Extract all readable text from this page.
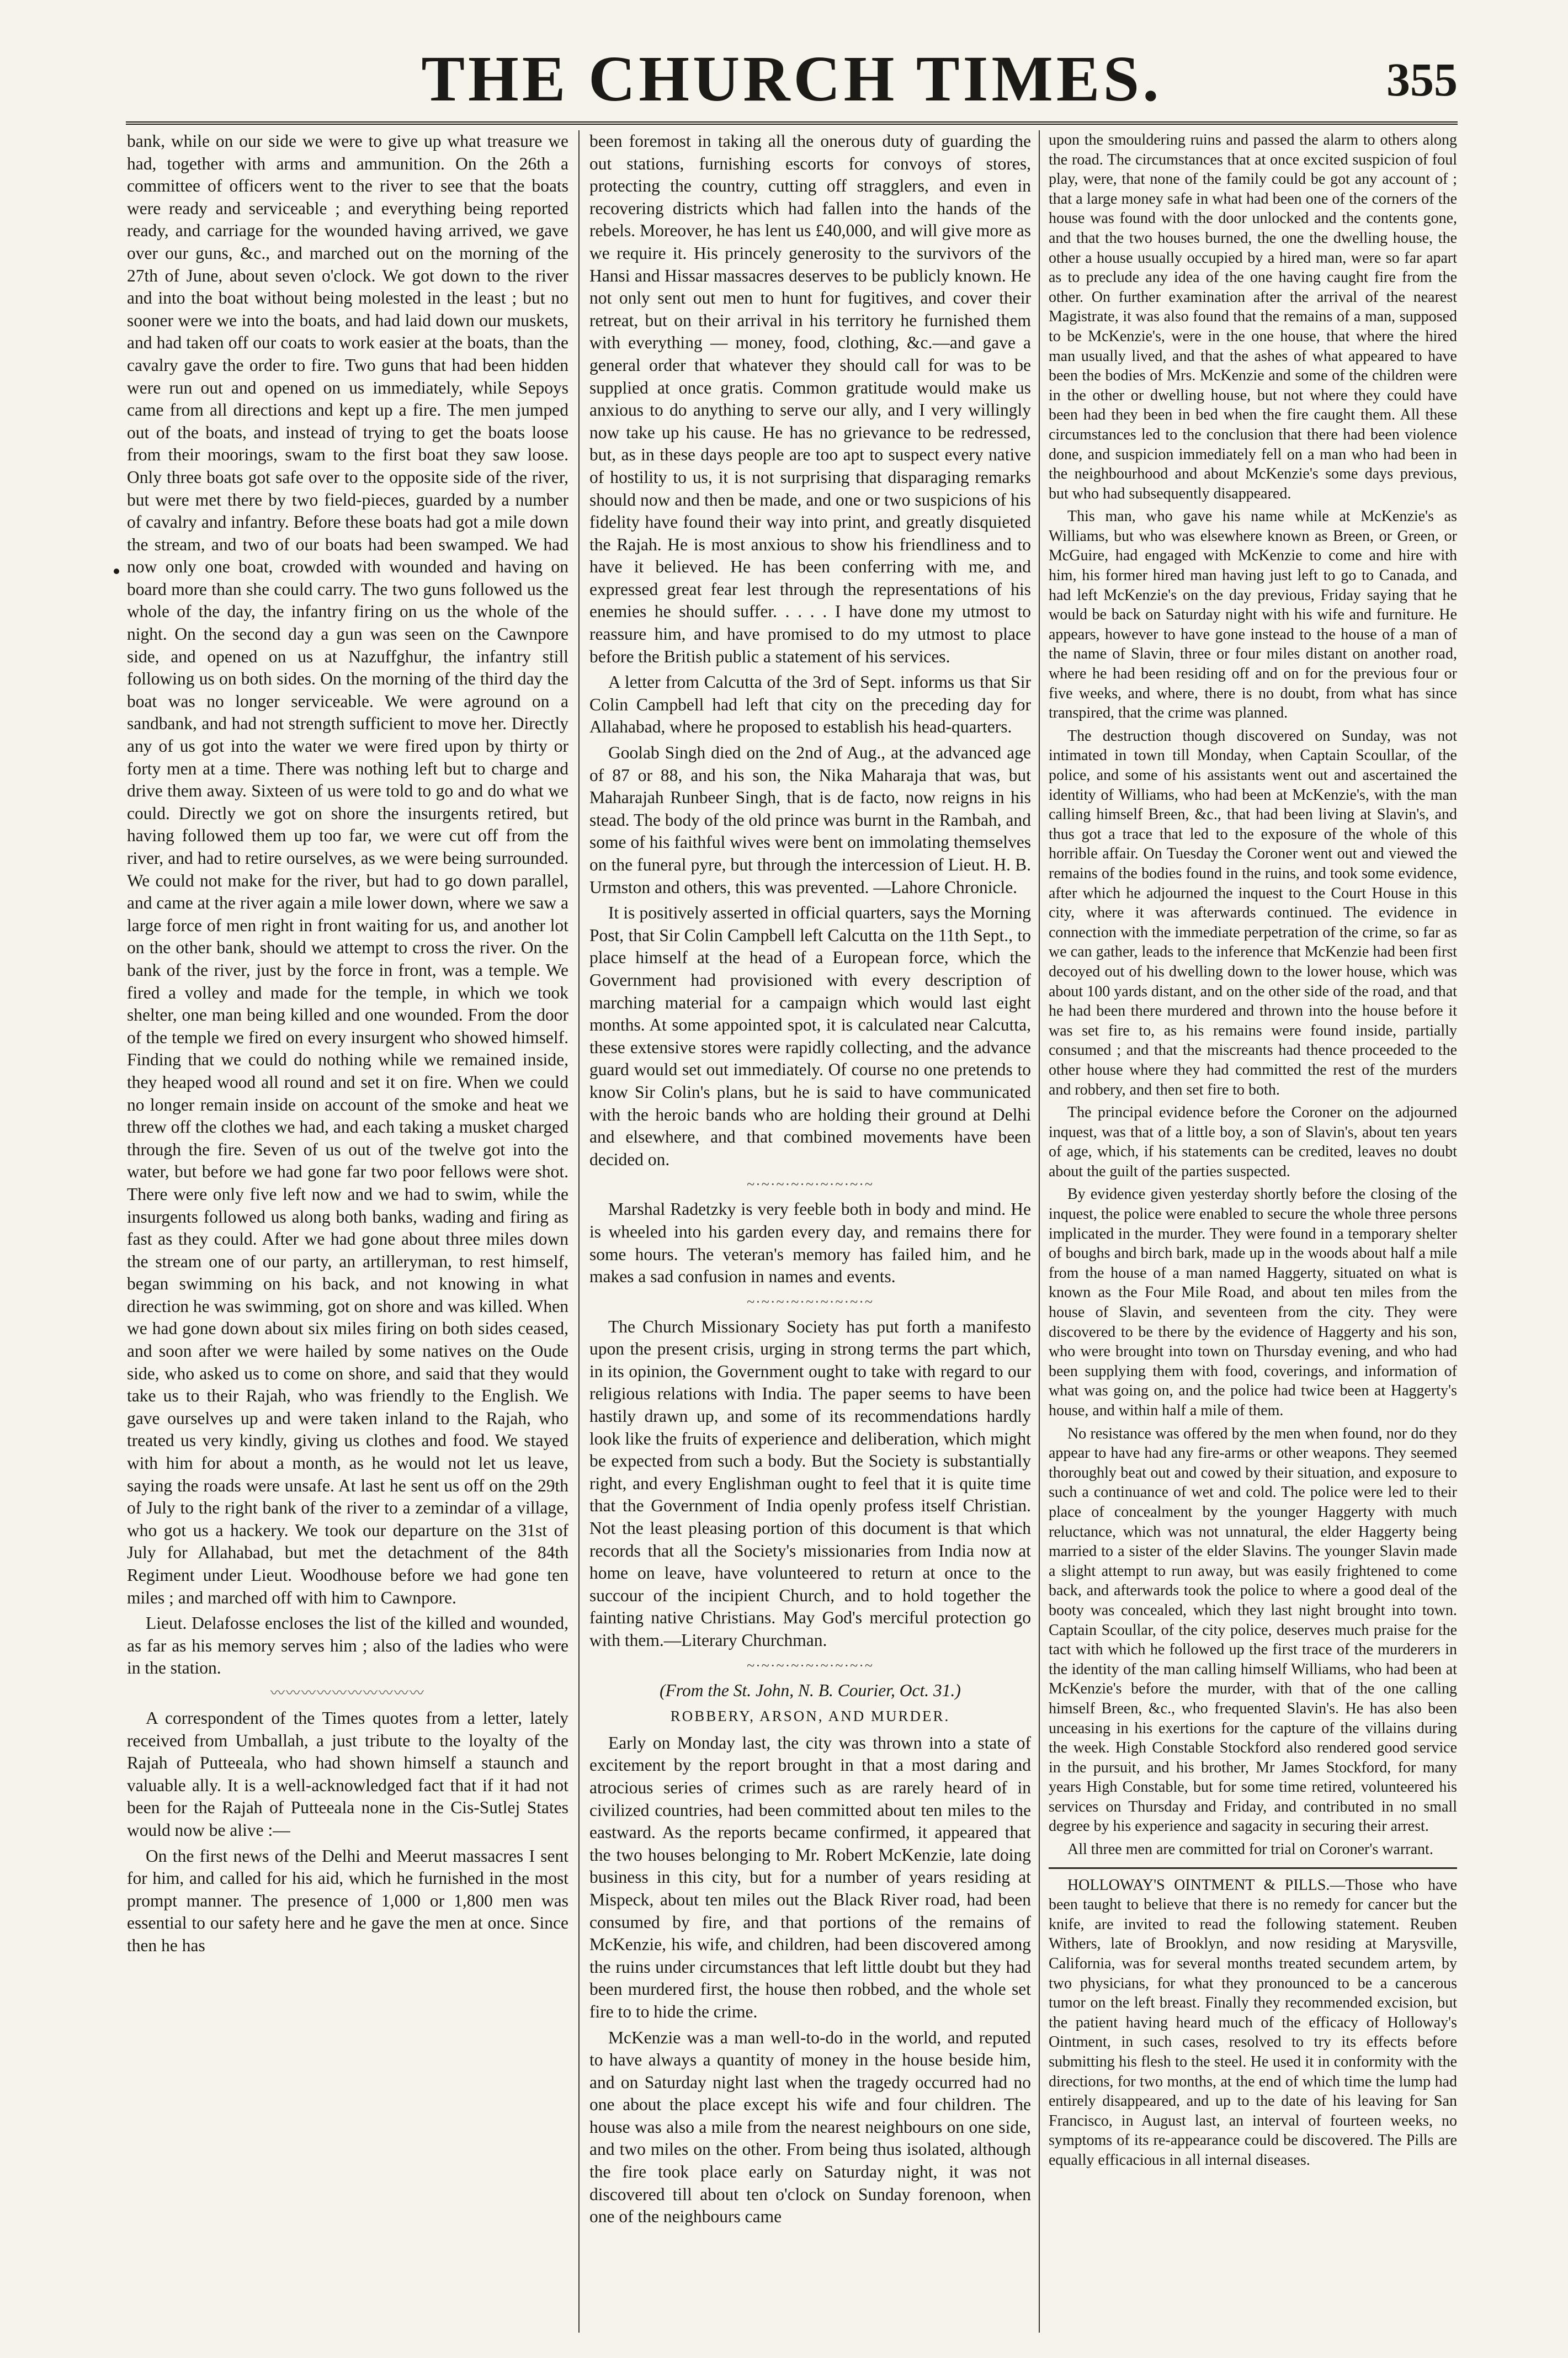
THE CHURCH TIMES.	355

bank, while on our side we were to give up what treasure we had, together with arms and ammunition. On the 26th a committee of officers went to the river to see that the boats were ready and serviceable ; and everything being reported ready, and carriage for the wounded having arrived, we gave over our guns, &c., and marched out on the morning of the 27th of June, about seven o'clock. We got down to the river and into the boat without being molested in the least ; but no sooner were we into the boats, and had laid down our muskets, and had taken off our coats to work easier at the boats, than the cavalry gave the order to fire. Two guns that had been hidden were run out and opened on us immediately, while Sepoys came from all directions and kept up a fire. The men jumped out of the boats, and instead of trying to get the boats loose from their moorings, swam to the first boat they saw loose. Only three boats got safe over to the opposite side of the river, but were met there by two field-pieces, guarded by a number of cavalry and infantry. Before these boats had got a mile down the stream, and two of our boats had been swamped. We had now only one boat, crowded with wounded and having on board more than she could carry. The two guns followed us the whole of the day, the infantry firing on us the whole of the night. On the second day a gun was seen on the Cawnpore side, and opened on us at Nazuffghur, the infantry still following us on both sides. On the morning of the third day the boat was no longer serviceable. We were aground on a sandbank, and had not strength sufficient to move her. Directly any of us got into the water we were fired upon by thirty or forty men at a time. There was nothing left but to charge and drive them away. Sixteen of us were told to go and do what we could. Directly we got on shore the insurgents retired, but having followed them up too far, we were cut off from the river, and had to retire ourselves, as we were being surrounded. We could not make for the river, but had to go down parallel, and came at the river again a mile lower down, where we saw a large force of men right in front waiting for us, and another lot on the other bank, should we attempt to cross the river. On the bank of the river, just by the force in front, was a temple. We fired a volley and made for the temple, in which we took shelter, one man being killed and one wounded. From the door of the temple we fired on every insurgent who showed himself. Finding that we could do nothing while we remained inside, they heaped wood all round and set it on fire. When we could no longer remain inside on account of the smoke and heat we threw off the clothes we had, and each taking a musket charged through the fire. Seven of us out of the twelve got into the water, but before we had gone far two poor fellows were shot. There were only five left now and we had to swim, while the insurgents followed us along both banks, wading and firing as fast as they could. After we had gone about three miles down the stream one of our party, an artilleryman, to rest himself, began swimming on his back, and not knowing in what direction he was swimming, got on shore and was killed. When we had gone down about six miles firing on both sides ceased, and soon after we were hailed by some natives on the Oude side, who asked us to come on shore, and said that they would take us to their Rajah, who was friendly to the English. We gave ourselves up and were taken inland to the Rajah, who treated us very kindly, giving us clothes and food. We stayed with him for about a month, as he would not let us leave, saying the roads were unsafe. At last he sent us off on the 29th of July to the right bank of the river to a zemindar of a village, who got us a hackery. We took our departure on the 31st of July for Allahabad, but met the detachment of the 84th Regiment under Lieut. Woodhouse before we had gone ten miles ; and marched off with him to Cawnpore.

Lieut. Delafosse encloses the list of the killed and wounded, as far as his memory serves him ; also of the ladies who were in the station.

〰〰〰〰〰〰〰〰〰〰

A correspondent of the Times quotes from a letter, lately received from Umballah, a just tribute to the loyalty of the Rajah of Putteeala, who had shown himself a staunch and valuable ally. It is a well-acknowledged fact that if it had not been for the Rajah of Putteeala none in the Cis-Sutlej States would now be alive :—

On the first news of the Delhi and Meerut massacres I sent for him, and called for his aid, which he furnished in the most prompt manner. The presence of 1,000 or 1,800 men was essential to our safety here and he gave the men at once. Since then he has

been foremost in taking all the onerous duty of guarding the out stations, furnishing escorts for convoys of stores, protecting the country, cutting off stragglers, and even in recovering districts which had fallen into the hands of the rebels. Moreover, he has lent us £40,000, and will give more as we require it. His princely generosity to the survivors of the Hansi and Hissar massacres deserves to be publicly known. He not only sent out men to hunt for fugitives, and cover their retreat, but on their arrival in his territory he furnished them with everything — money, food, clothing, &c.—and gave a general order that whatever they should call for was to be supplied at once gratis. Common gratitude would make us anxious to do anything to serve our ally, and I very willingly now take up his cause. He has no grievance to be redressed, but, as in these days people are too apt to suspect every native of hostility to us, it is not surprising that disparaging remarks should now and then be made, and one or two suspicions of his fidelity have found their way into print, and greatly disquieted the Rajah. He is most anxious to show his friendliness and to have it believed. He has been conferring with me, and expressed great fear lest through the representations of his enemies he should suffer. . . . . I have done my utmost to reassure him, and have promised to do my utmost to place before the British public a statement of his services.

A letter from Calcutta of the 3rd of Sept. informs us that Sir Colin Campbell had left that city on the preceding day for Allahabad, where he proposed to establish his head-quarters.

Goolab Singh died on the 2nd of Aug., at the advanced age of 87 or 88, and his son, the Nika Maharaja that was, but Maharajah Runbeer Singh, that is de facto, now reigns in his stead. The body of the old prince was burnt in the Rambah, and some of his faithful wives were bent on immolating themselves on the funeral pyre, but through the intercession of Lieut. H. B. Urmston and others, this was prevented. —Lahore Chronicle.

It is positively asserted in official quarters, says the Morning Post, that Sir Colin Campbell left Calcutta on the 11th Sept., to place himself at the head of a European force, which the Government had provisioned with every description of marching material for a campaign which would last eight months. At some appointed spot, it is calculated near Calcutta, these extensive stores were rapidly collecting, and the advance guard would set out immediately. Of course no one pretends to know Sir Colin's plans, but he is said to have communicated with the heroic bands who are holding their ground at Delhi and elsewhere, and that combined movements have been decided on.

~·~·~·~·~·~·~·~·~

Marshal Radetzky is very feeble both in body and mind. He is wheeled into his garden every day, and remains there for some hours. The veteran's memory has failed him, and he makes a sad confusion in names and events.

~·~·~·~·~·~·~·~·~

The Church Missionary Society has put forth a manifesto upon the present crisis, urging in strong terms the part which, in its opinion, the Government ought to take with regard to our religious relations with India. The paper seems to have been hastily drawn up, and some of its recommendations hardly look like the fruits of experience and deliberation, which might be expected from such a body. But the Society is substantially right, and every Englishman ought to feel that it is quite time that the Government of India openly profess itself Christian. Not the least pleasing portion of this document is that which records that all the Society's missionaries from India now at home on leave, have volunteered to return at once to the succour of the incipient Church, and to hold together the fainting native Christians. May God's merciful protection go with them.—Literary Churchman.

~·~·~·~·~·~·~·~·~

(From the St. John, N. B. Courier, Oct. 31.)

ROBBERY, ARSON, AND MURDER.

Early on Monday last, the city was thrown into a state of excitement by the report brought in that a most daring and atrocious series of crimes such as are rarely heard of in civilized countries, had been committed about ten miles to the eastward. As the reports became confirmed, it appeared that the two houses belonging to Mr. Robert McKenzie, late doing business in this city, but for a number of years residing at Mispeck, about ten miles out the Black River road, had been consumed by fire, and that portions of the remains of McKenzie, his wife, and children, had been discovered among the ruins under circumstances that left little doubt but they had been murdered first, the house then robbed, and the whole set fire to to hide the crime.

McKenzie was a man well-to-do in the world, and reputed to have always a quantity of money in the house beside him, and on Saturday night last when the tragedy occurred had no one about the place except his wife and four children. The house was also a mile from the nearest neighbours on one side, and two miles on the other. From being thus isolated, although the fire took place early on Saturday night, it was not discovered till about ten o'clock on Sunday forenoon, when one of the neighbours came

upon the smouldering ruins and passed the alarm to others along the road. The circumstances that at once excited suspicion of foul play, were, that none of the family could be got any account of ; that a large money safe in what had been one of the corners of the house was found with the door unlocked and the contents gone, and that the two houses burned, the one the dwelling house, the other a house usually occupied by a hired man, were so far apart as to preclude any idea of the one having caught fire from the other. On further examination after the arrival of the nearest Magistrate, it was also found that the remains of a man, supposed to be McKenzie's, were in the one house, that where the hired man usually lived, and that the ashes of what appeared to have been the bodies of Mrs. McKenzie and some of the children were in the other or dwelling house, but not where they could have been had they been in bed when the fire caught them. All these circumstances led to the conclusion that there had been violence done, and suspicion immediately fell on a man who had been in the neighbourhood and about McKenzie's some days previous, but who had subsequently disappeared.

This man, who gave his name while at McKenzie's as Williams, but who was elsewhere known as Breen, or Green, or McGuire, had engaged with McKenzie to come and hire with him, his former hired man having just left to go to Canada, and had left McKenzie's on the day previous, Friday saying that he would be back on Saturday night with his wife and furniture. He appears, however to have gone instead to the house of a man of the name of Slavin, three or four miles distant on another road, where he had been residing off and on for the previous four or five weeks, and where, there is no doubt, from what has since transpired, that the crime was planned.

The destruction though discovered on Sunday, was not intimated in town till Monday, when Captain Scoullar, of the police, and some of his assistants went out and ascertained the identity of Williams, who had been at McKenzie's, with the man calling himself Breen, &c., that had been living at Slavin's, and thus got a trace that led to the exposure of the whole of this horrible affair. On Tuesday the Coroner went out and viewed the remains of the bodies found in the ruins, and took some evidence, after which he adjourned the inquest to the Court House in this city, where it was afterwards continued. The evidence in connection with the immediate perpetration of the crime, so far as we can gather, leads to the inference that McKenzie had been first decoyed out of his dwelling down to the lower house, which was about 100 yards distant, and on the other side of the road, and that he had been there murdered and thrown into the house before it was set fire to, as his remains were found inside, partially consumed ; and that the miscreants had thence proceeded to the other house where they had committed the rest of the murders and robbery, and then set fire to both.

The principal evidence before the Coroner on the adjourned inquest, was that of a little boy, a son of Slavin's, about ten years of age, which, if his statements can be credited, leaves no doubt about the guilt of the parties suspected.

By evidence given yesterday shortly before the closing of the inquest, the police were enabled to secure the whole three persons implicated in the murder. They were found in a temporary shelter of boughs and birch bark, made up in the woods about half a mile from the house of a man named Haggerty, situated on what is known as the Four Mile Road, and about ten miles from the house of Slavin, and seventeen from the city. They were discovered to be there by the evidence of Haggerty and his son, who were brought into town on Thursday evening, and who had been supplying them with food, coverings, and information of what was going on, and the police had twice been at Haggerty's house, and within half a mile of them.

No resistance was offered by the men when found, nor do they appear to have had any fire-arms or other weapons. They seemed thoroughly beat out and cowed by their situation, and exposure to such a continuance of wet and cold. The police were led to their place of concealment by the younger Haggerty with much reluctance, which was not unnatural, the elder Haggerty being married to a sister of the elder Slavins. The younger Slavin made a slight attempt to run away, but was easily frightened to come back, and afterwards took the police to where a good deal of the booty was concealed, which they last night brought into town. Captain Scoullar, of the city police, deserves much praise for the tact with which he followed up the first trace of the murderers in the identity of the man calling himself Williams, who had been at McKenzie's before the murder, with that of the one calling himself Breen, &c., who frequented Slavin's. He has also been unceasing in his exertions for the capture of the villains during the week. High Constable Stockford also rendered good service in the pursuit, and his brother, Mr James Stockford, for many years High Constable, but for some time retired, volunteered his services on Thursday and Friday, and contributed in no small degree by his experience and sagacity in securing their arrest.

All three men are committed for trial on Coroner's warrant.

HOLLOWAY'S OINTMENT & PILLS.—Those who have been taught to believe that there is no remedy for cancer but the knife, are invited to read the following statement. Reuben Withers, late of Brooklyn, and now residing at Marysville, California, was for several months treated secundem artem, by two physicians, for what they pronounced to be a cancerous tumor on the left breast. Finally they recommended excision, but the patient having heard much of the efficacy of Holloway's Ointment, in such cases, resolved to try its effects before submitting his flesh to the steel. He used it in conformity with the directions, for two months, at the end of which time the lump had entirely disappeared, and up to the date of his leaving for San Francisco, in August last, an interval of fourteen weeks, no symptoms of its re-appearance could be discovered. The Pills are equally efficacious in all internal diseases.
